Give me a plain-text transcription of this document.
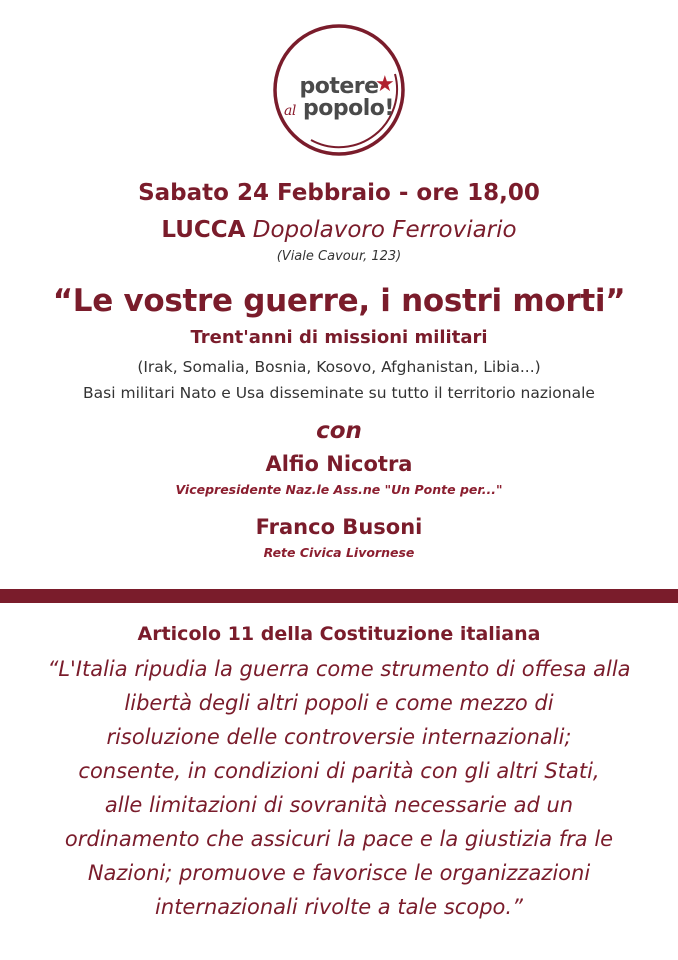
potere
★
al popolo!
Sabato 24 Febbraio - ore 18,00
LUCCA Dopolavoro Ferroviario
(Viale Cavour, 123)
“Le vostre guerre, i nostri morti”
Trent'anni di missioni militari
(Irak, Somalia, Bosnia, Kosovo, Afghanistan, Libia...)
Basi militari Nato e Usa disseminate su tutto il territorio nazionale
con
Alfio Nicotra
Vicepresidente Naz.le Ass.ne "Un Ponte per..."
Franco Busoni
Rete Civica Livornese
Articolo 11 della Costituzione italiana
“L'Italia ripudia la guerra come strumento di offesa alla
libertà degli altri popoli e come mezzo di
risoluzione delle controversie internazionali;
consente, in condizioni di parità con gli altri Stati,
alle limitazioni di sovranità necessarie ad un
ordinamento che assicuri la pace e la giustizia fra le
Nazioni; promuove e favorisce le organizzazioni
internazionali rivolte a tale scopo.”
